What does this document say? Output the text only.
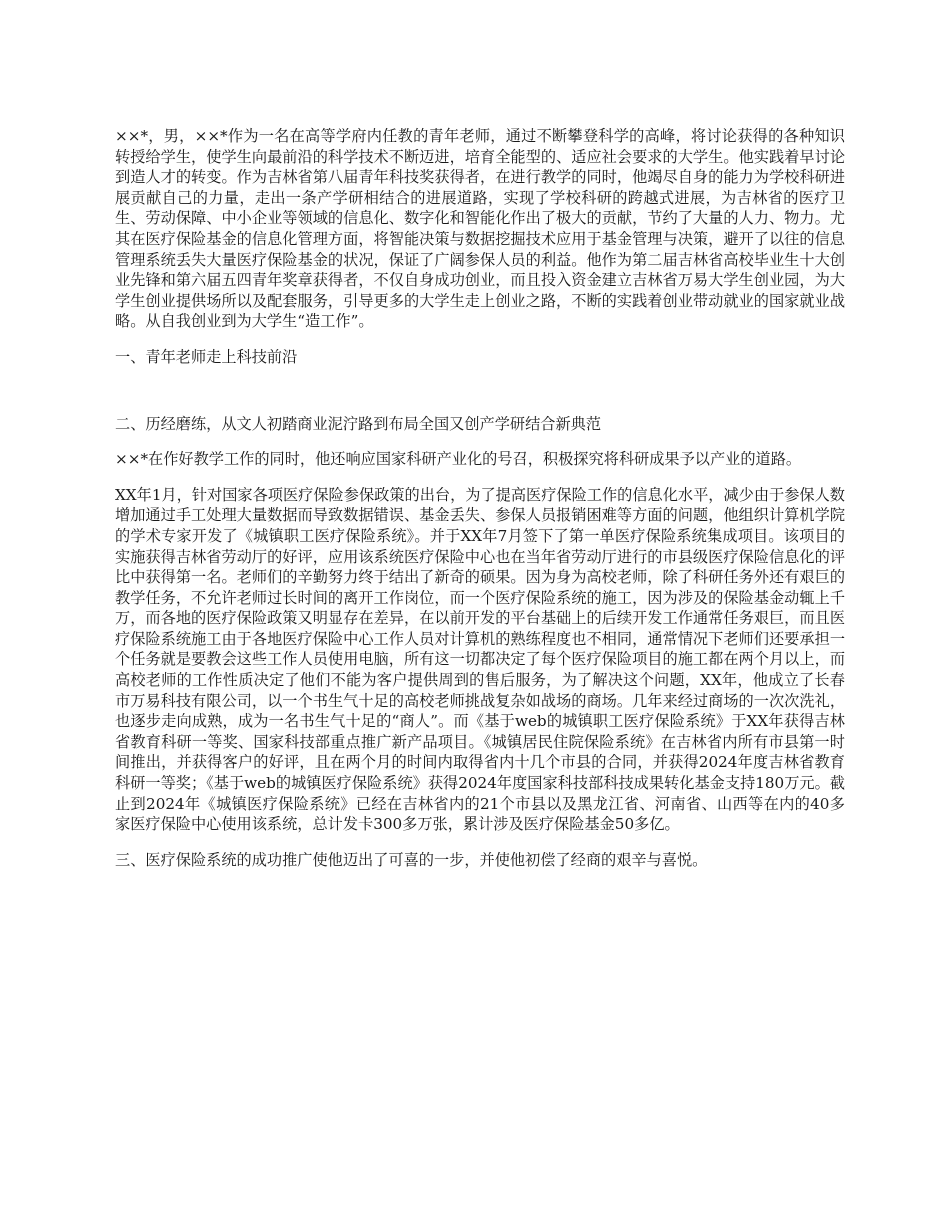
××*，男，××*作为一名在高等学府内任教的青年老师，通过不断攀登科学的高峰，将讨论获得的各种知识转授给学生，使学生向最前沿的科学技术不断迈进，培育全能型的、适应社会要求的大学生。他实践着早讨论到造人才的转变。作为吉林省第八届青年科技奖获得者，在进行教学的同时，他竭尽自身的能力为学校科研进展贡献自己的力量，走出一条产学研相结合的进展道路，实现了学校科研的跨越式进展，为吉林省的医疗卫生、劳动保障、中小企业等领域的信息化、数字化和智能化作出了极大的贡献，节约了大量的人力、物力。尤其在医疗保险基金的信息化管理方面，将智能决策与数据挖掘技术应用于基金管理与决策，避开了以往的信息管理系统丢失大量医疗保险基金的状况，保证了广阔参保人员的利益。他作为第二届吉林省高校毕业生十大创业先锋和第六届五四青年奖章获得者，不仅自身成功创业，而且投入资金建立吉林省万易大学生创业园，为大学生创业提供场所以及配套服务，引导更多的大学生走上创业之路，不断的实践着创业带动就业的国家就业战略。从自我创业到为大学生“造工作”。

一、青年老师走上科技前沿

二、历经磨练，从文人初踏商业泥泞路到布局全国又创产学研结合新典范

××*在作好教学工作的同时，他还响应国家科研产业化的号召，积极探究将科研成果予以产业的道路。

XX年1月，针对国家各项医疗保险参保政策的出台，为了提高医疗保险工作的信息化水平，减少由于参保人数增加通过手工处理大量数据而导致数据错误、基金丢失、参保人员报销困难等方面的问题，他组织计算机学院的学术专家开发了《城镇职工医疗保险系统》。并于XX年7月签下了第一单医疗保险系统集成项目。该项目的实施获得吉林省劳动厅的好评，应用该系统医疗保险中心也在当年省劳动厅进行的市县级医疗保险信息化的评比中获得第一名。老师们的辛勤努力终于结出了新奇的硕果。因为身为高校老师，除了科研任务外还有艰巨的教学任务，不允许老师过长时间的离开工作岗位，而一个医疗保险系统的施工，因为涉及的保险基金动辄上千万，而各地的医疗保险政策又明显存在差异，在以前开发的平台基础上的后续开发工作通常任务艰巨，而且医疗保险系统施工由于各地医疗保险中心工作人员对计算机的熟练程度也不相同，通常情况下老师们还要承担一个任务就是要教会这些工作人员使用电脑，所有这一切都决定了每个医疗保险项目的施工都在两个月以上，而高校老师的工作性质决定了他们不能为客户提供周到的售后服务，为了解决这个问题，XX年，他成立了长春市万易科技有限公司，以一个书生气十足的高校老师挑战复杂如战场的商场。几年来经过商场的一次次洗礼，也逐步走向成熟，成为一名书生气十足的“商人”。而《基于web的城镇职工医疗保险系统》于XX年获得吉林省教育科研一等奖、国家科技部重点推广新产品项目。《城镇居民住院保险系统》在吉林省内所有市县第一时间推出，并获得客户的好评，且在两个月的时间内取得省内十几个市县的合同，并获得2024年度吉林省教育科研一等奖；《基于web的城镇医疗保险系统》获得2024年度国家科技部科技成果转化基金支持180万元。截止到2024年《城镇医疗保险系统》已经在吉林省内的21个市县以及黑龙江省、河南省、山西等在内的40多家医疗保险中心使用该系统，总计发卡300多万张，累计涉及医疗保险基金50多亿。

三、医疗保险系统的成功推广使他迈出了可喜的一步，并使他初偿了经商的艰辛与喜悦。
